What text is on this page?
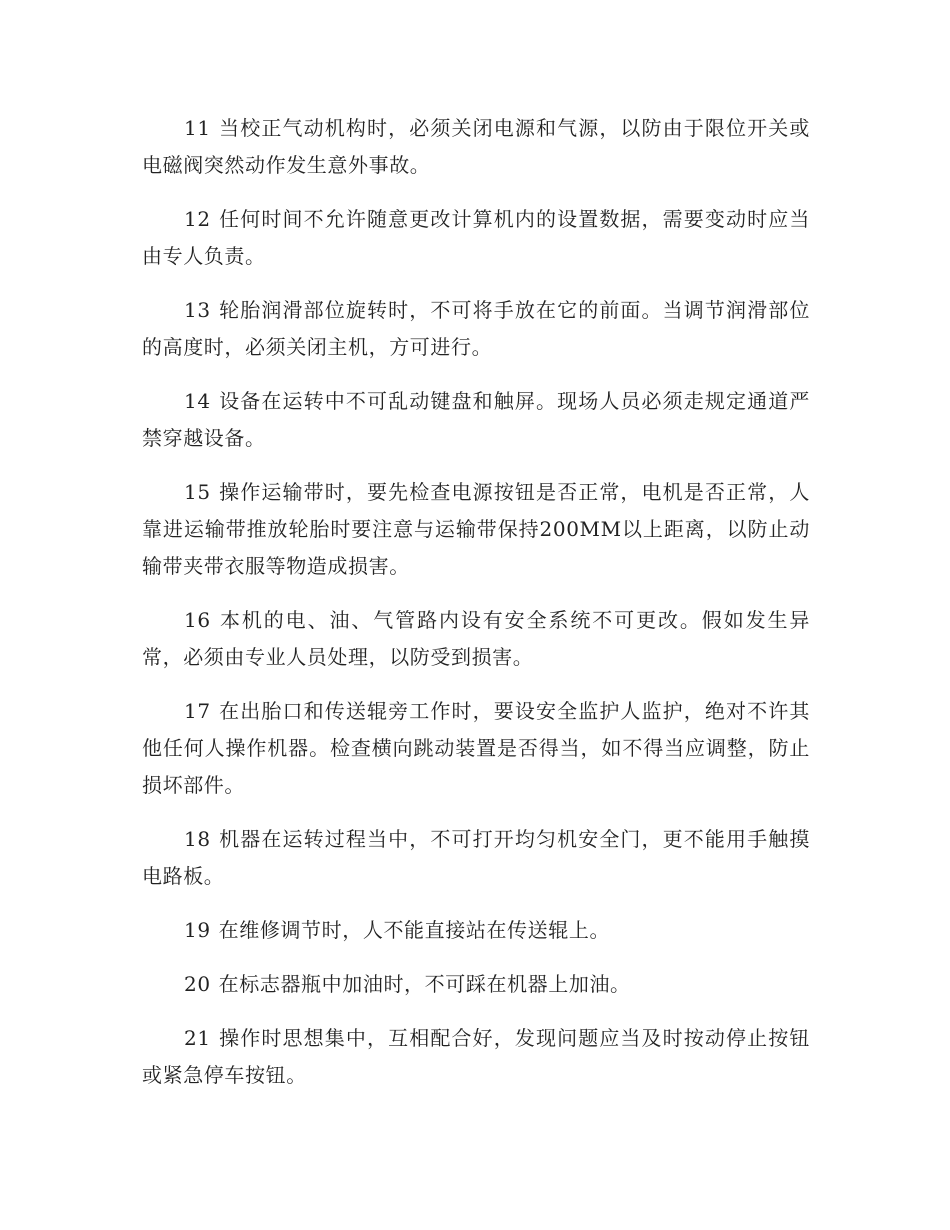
11 当校正气动机构时，必须关闭电源和气源，以防由于限位开关或电磁阀突然动作发生意外事故。

12 任何时间不允许随意更改计算机内的设置数据，需要变动时应当由专人负责。

13 轮胎润滑部位旋转时，不可将手放在它的前面。当调节润滑部位的高度时，必须关闭主机，方可进行。

14 设备在运转中不可乱动键盘和触屏。现场人员必须走规定通道严禁穿越设备。

15 操作运输带时，要先检查电源按钮是否正常，电机是否正常，人靠进运输带推放轮胎时要注意与运输带保持200MM以上距离，以防止动输带夹带衣服等物造成损害。

16 本机的电、油、气管路内设有安全系统不可更改。假如发生异常，必须由专业人员处理，以防受到损害。

17 在出胎口和传送辊旁工作时，要设安全监护人监护，绝对不许其他任何人操作机器。检查横向跳动装置是否得当，如不得当应调整，防止损坏部件。

18 机器在运转过程当中，不可打开均匀机安全门，更不能用手触摸电路板。

19 在维修调节时，人不能直接站在传送辊上。

20 在标志器瓶中加油时，不可踩在机器上加油。

21 操作时思想集中，互相配合好，发现问题应当及时按动停止按钮或紧急停车按钮。
